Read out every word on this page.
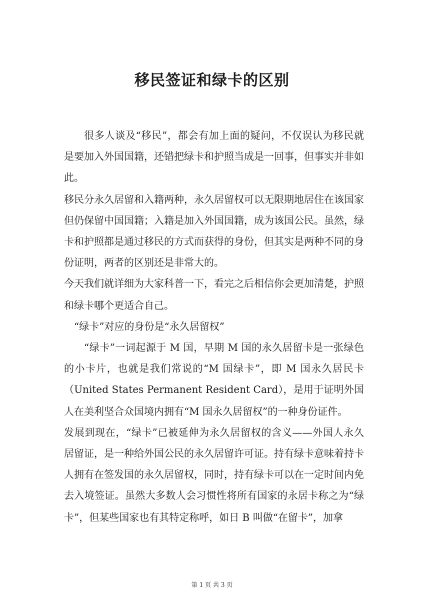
移民签证和绿卡的区别

很多人谈及“移民”，都会有加上面的疑问，不仅误认为移民就是要加入外国国籍，还错把绿卡和护照当成是一回事，但事实并非如此。

移民分永久居留和入籍两种，永久居留权可以无限期地居住在该国家但仍保留中国国籍；入籍是加入外国国籍，成为该国公民。虽然，绿卡和护照都是通过移民的方式而获得的身份，但其实是两种不同的身份证明，两者的区别还是非常大的。

今天我们就详细为大家科普一下，看完之后相信你会更加清楚，护照和绿卡哪个更适合自己。

“绿卡”对应的身份是“永久居留权”

“绿卡”一词起源于 M 国，早期 M 国的永久居留卡是一张绿色的小卡片，也就是我们常说的“M 国绿卡”，即 M 国永久居民卡（United States Permanent Resident Card），是用于证明外国人在美利坚合众国境内拥有“M 国永久居留权”的一种身份证件。

发展到现在，“绿卡”已被延伸为永久居留权的含义——外国人永久居留证，是一种给外国公民的永久居留许可证。持有绿卡意味着持卡人拥有在签发国的永久居留权，同时，持有绿卡可以在一定时间内免去入境签证。虽然大多数人会习惯性将所有国家的永居卡称之为“绿卡”，但某些国家也有其特定称呼，如日 B 叫做“在留卡”，加拿

第 1 页 共 3 页
